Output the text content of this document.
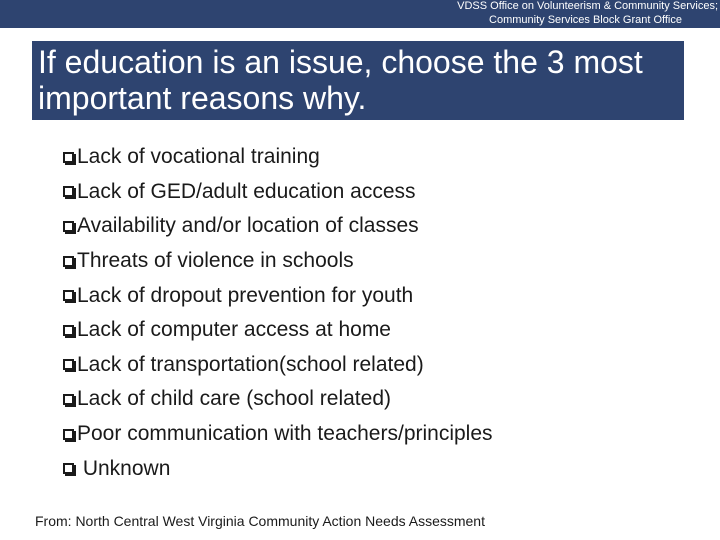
VDSS Office on Volunteerism & Community Services;
Community Services Block Grant Office
If education is an issue, choose the 3 most
important reasons why.
Lack of vocational training
Lack of GED/adult education access
Availability and/or location of classes
Threats of violence in schools
Lack of dropout prevention for youth
Lack of computer access at home
Lack of transportation(school related)
Lack of child care (school related)
Poor communication with teachers/principles
Unknown
From: North Central West Virginia Community Action Needs Assessment
